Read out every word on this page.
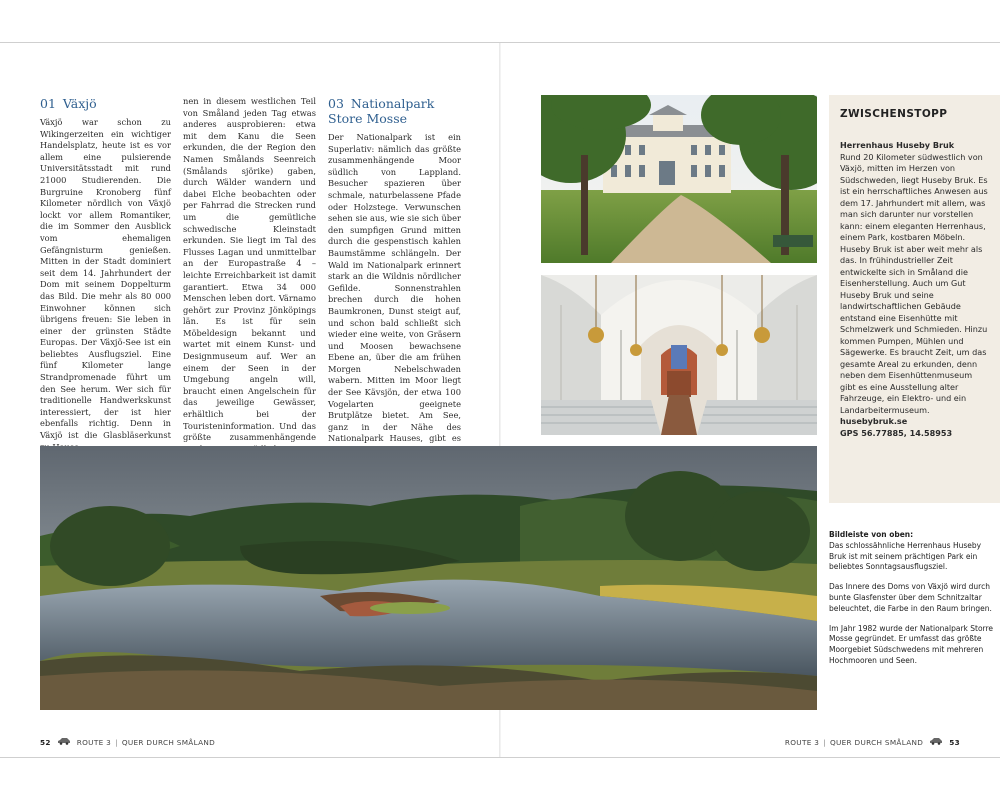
01 Växjö

Växjö war schon zu Wikingerzeiten ein wichtiger Handelsplatz, heute ist es vor allem eine pulsierende Universitätsstadt mit rund 21000 Studierenden. Die Burgruine Kronoberg fünf Kilometer nördlich von Växjö lockt vor allem Romantiker, die im Sommer den Ausblick vom ehemaligen Gefängnisturm genießen. Mitten in der Stadt dominiert seit dem 14. Jahrhundert der Dom mit seinem Doppelturm das Bild. Die mehr als 80 000 Einwohner können sich übrigens freuen: Sie leben in einer der grünsten Städte Europas. Der Växjö-See ist ein beliebtes Ausflugsziel. Eine fünf Kilometer lange Strandpromenade führt um den See herum. Wer sich für traditionelle Handwerkskunst interessiert, der ist hier ebenfalls richtig. Denn in Växjö ist die Glasbläserkunst

nen in diesem westlichen Teil von Småland jeden Tag etwas anderes ausprobieren: etwa mit dem Kanu die Seen erkunden, die der Region den Namen Smålands Seenreich (Smålands sjörike) gaben, durch Wälder wandern und dabei Elche beobachten oder per Fahrrad die Strecken rund um die gemütliche schwedische Kleinstadt erkunden. Sie liegt im Tal des Flusses Lagan und unmittelbar an der Europastraße 4 – leichte Erreichbarkeit ist damit garantiert. Etwa 34 000 Menschen leben dort. Värnamo gehört zur Provinz Jönköpings län. Es ist für sein Möbeldesign bekannt und wartet mit einem Kunst- und Designmuseum auf. Wer an einem der Seen in der Umgebung angeln will, braucht einen Angelschein für das jeweilige Gewässer, erhältlich bei der Touristeninformation. Und das größte zusammenhängende

03 Nationalpark Store Mosse

Der Nationalpark ist ein Superlativ: nämlich das größte zusammenhängende Moor südlich von Lappland. Besucher spazieren über schmale, naturbelassene Pfade oder Holzstege. Verwunschen sehen sie aus, wie sie sich über den sumpfigen Grund mitten durch die gespenstisch kahlen Baumstämme schlängeln. Der Wald im Nationalpark erinnert stark an die Wildnis nördlicher Gefilde. Sonnenstrahlen brechen durch die hohen Baumkronen, Dunst steigt auf, und schon bald schließt sich wieder eine weite, von Gräsern und Moosen bewachsene Ebene an, über die am frühen Morgen Nebelschwaden wabern. Mitten im Moor liegt der See Kävsjön, der etwa 100 Vogelarten geeignete Brutplätze bietet. Am See, ganz in der Nähe des Nationalpark Hauses, gibt es

ZWISCHENSTOPP
Herrenhaus Huseby Bruk
Rund 20 Kilometer südwestlich von Växjö, mitten im Herzen von Südschweden, liegt Huseby Bruk. Es ist ein herrschaftliches Anwesen aus dem 17. Jahrhundert mit allem, was man sich darunter nur vorstellen kann: einem eleganten Herrenhaus, einem Park, kostbaren Möbeln. Huseby Bruk ist aber weit mehr als das. In frühindustrieller Zeit entwickelte sich in Småland die Eisenherstellung. Auch um Gut Huseby Bruk und seine landwirtschaftlichen Gebäude entstand eine Eisenhütte mit Schmelzwerk und Schmieden. Hinzu kommen Pumpen, Mühlen und Sägewerke. Es braucht Zeit, um das gesamte Areal zu erkunden, denn neben dem Eisenhüttenmuseum gibt es eine Ausstellung alter Fahrzeuge, ein Elektro- und ein Landarbeitermuseum.
husebybruk.se
GPS 56.77885, 14.58953

Bildleiste von oben:
Das schlossähnliche Herrenhaus Huseby Bruk ist mit seinem prächtigen Park ein beliebtes Sonntagsausflugsziel.

Das Innere des Doms von Växjö wird durch bunte Glasfenster über dem Schnitzaltar beleuchtet, die Farbe in den Raum bringen.

Im Jahr 1982 wurde der Nationalpark Storre Mosse gegründet. Er umfasst das größte Moorgebiet Südschwedens mit mehreren Hochmooren und Seen.

52	ROUTE 3 | QUER DURCH SMÅLAND	ROUTE 3 | QUER DURCH SMÅLAND	53
